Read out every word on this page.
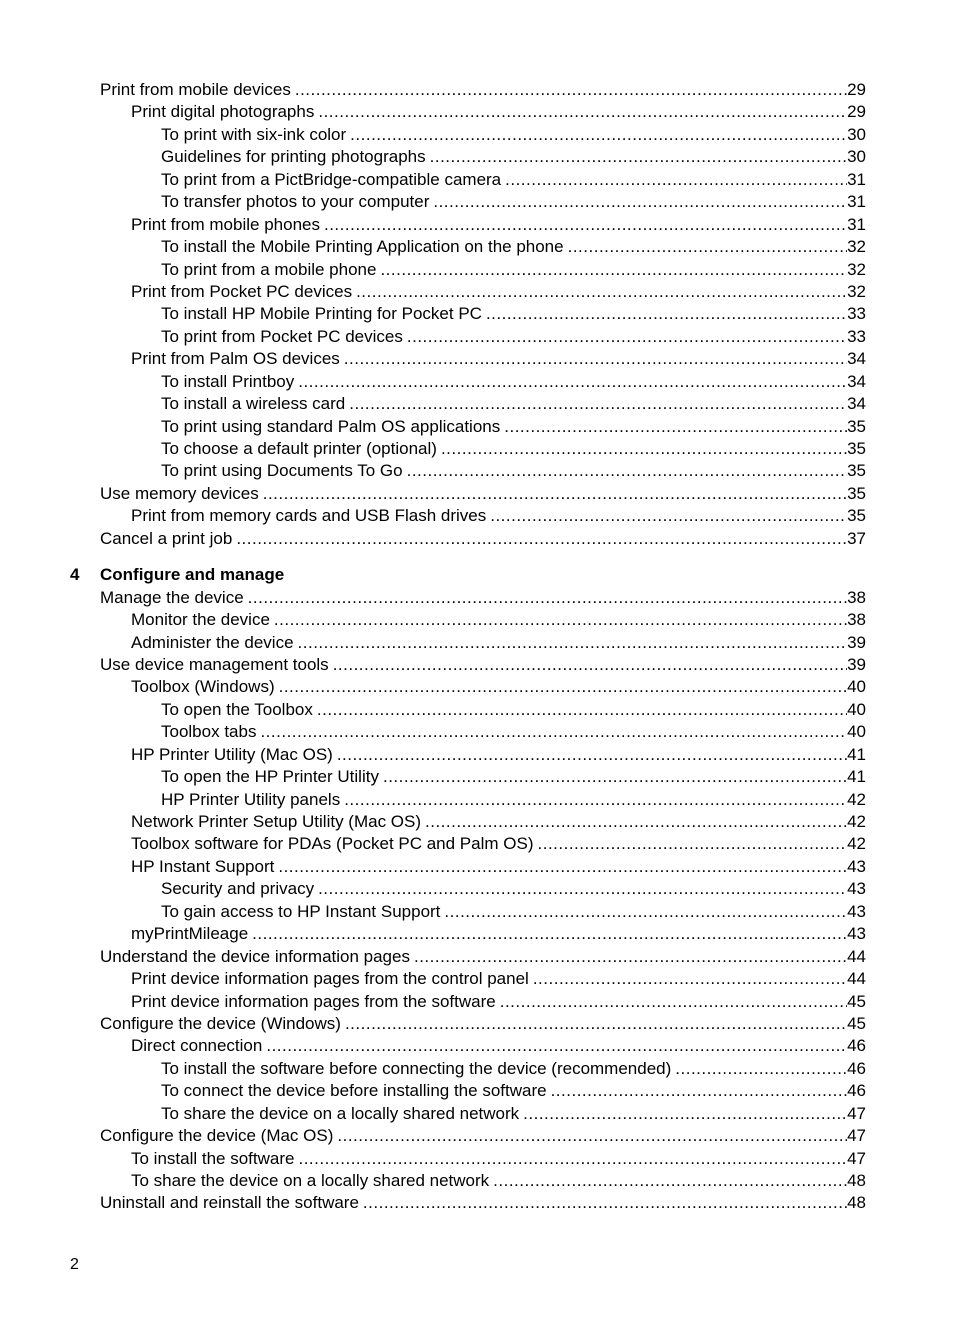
Print from mobile devices .....	29
Print digital photographs .....	29
To print with six-ink color .....	30
Guidelines for printing photographs .....	30
To print from a PictBridge-compatible camera .....	31
To transfer photos to your computer .....	31
Print from mobile phones .....	31
To install the Mobile Printing Application on the phone .....	32
To print from a mobile phone .....	32
Print from Pocket PC devices .....	32
To install HP Mobile Printing for Pocket PC .....	33
To print from Pocket PC devices .....	33
Print from Palm OS devices .....	34
To install Printboy .....	34
To install a wireless card .....	34
To print using standard Palm OS applications .....	35
To choose a default printer (optional) .....	35
To print using Documents To Go .....	35
Use memory devices .....	35
Print from memory cards and USB Flash drives .....	35
Cancel a print job .....	37
4 Configure and manage
Manage the device .....	38
Monitor the device .....	38
Administer the device .....	39
Use device management tools .....	39
Toolbox (Windows) .....	40
To open the Toolbox .....	40
Toolbox tabs .....	40
HP Printer Utility (Mac OS) .....	41
To open the HP Printer Utility .....	41
HP Printer Utility panels .....	42
Network Printer Setup Utility (Mac OS) .....	42
Toolbox software for PDAs (Pocket PC and Palm OS) .....	42
HP Instant Support .....	43
Security and privacy .....	43
To gain access to HP Instant Support .....	43
myPrintMileage .....	43
Understand the device information pages .....	44
Print device information pages from the control panel .....	44
Print device information pages from the software .....	45
Configure the device (Windows) .....	45
Direct connection .....	46
To install the software before connecting the device (recommended) .....	46
To connect the device before installing the software .....	46
To share the device on a locally shared network .....	47
Configure the device (Mac OS) .....	47
To install the software .....	47
To share the device on a locally shared network .....	48
Uninstall and reinstall the software .....	48
2
